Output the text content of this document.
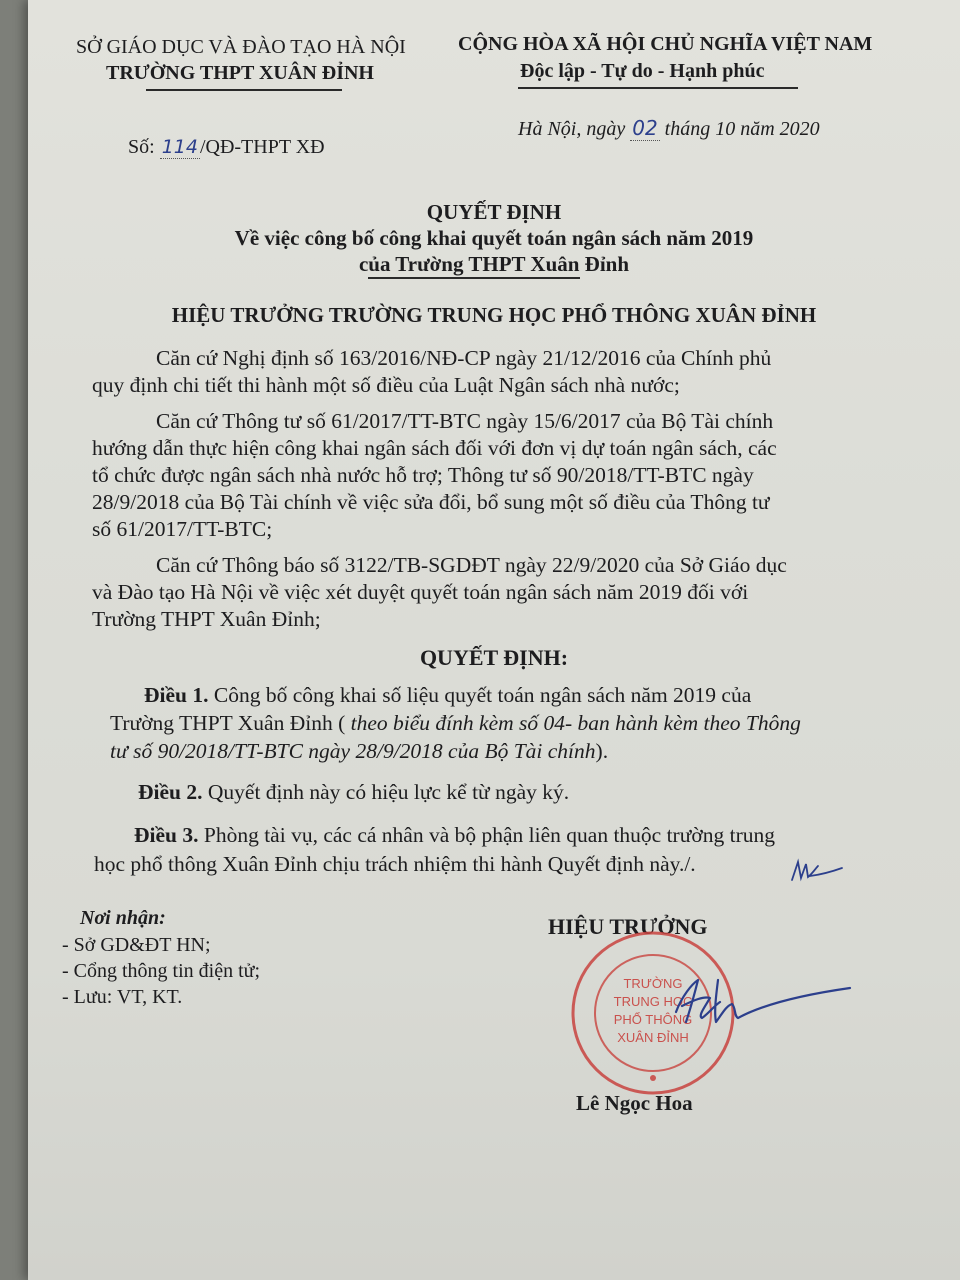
SỞ GIÁO DỤC VÀ ĐÀO TẠO HÀ NỘI
TRƯỜNG THPT XUÂN ĐỈNH
Số: 114 /QĐ-THPT XĐ
CỘNG HÒA XÃ HỘI CHỦ NGHĨA VIỆT NAM
Độc lập - Tự do - Hạnh phúc
Hà Nội, ngày 02 tháng 10 năm 2020
QUYẾT ĐỊNH
Về việc công bố công khai quyết toán ngân sách năm 2019
của Trường THPT Xuân Đỉnh
HIỆU TRƯỞNG TRƯỜNG TRUNG HỌC PHỔ THÔNG XUÂN ĐỈNH
Căn cứ Nghị định số 163/2016/NĐ-CP ngày 21/12/2016 của Chính phủ
quy định chi tiết thi hành một số điều của Luật Ngân sách nhà nước;
Căn cứ Thông tư số 61/2017/TT-BTC ngày 15/6/2017 của Bộ Tài chính
hướng dẫn thực hiện công khai ngân sách đối với đơn vị dự toán ngân sách, các
tổ chức được ngân sách nhà nước hỗ trợ; Thông tư số 90/2018/TT-BTC ngày
28/9/2018 của Bộ Tài chính về việc sửa đổi, bổ sung một số điều của Thông tư
số 61/2017/TT-BTC;
Căn cứ Thông báo số 3122/TB-SGDĐT ngày 22/9/2020 của Sở Giáo dục
và Đào tạo Hà Nội về việc xét duyệt quyết toán ngân sách năm 2019 đối với
Trường THPT Xuân Đỉnh;
QUYẾT ĐỊNH:
Điều 1. Công bố công khai số liệu quyết toán ngân sách năm 2019 của
Trường THPT Xuân Đỉnh ( theo biểu đính kèm số 04- ban hành kèm theo Thông
tư số 90/2018/TT-BTC ngày 28/9/2018 của Bộ Tài chính).
Điều 2. Quyết định này có hiệu lực kể từ ngày ký.
Điều 3. Phòng tài vụ, các cá nhân và bộ phận liên quan thuộc trường trung
học phổ thông Xuân Đỉnh chịu trách nhiệm thi hành Quyết định này./.
Nơi nhận:
- Sở GD&ĐT HN;
- Cổng thông tin điện tử;
- Lưu: VT, KT.
HIỆU TRƯỞNG
TRƯỜNG
TRUNG HỌC
PHỔ THÔNG
XUÂN ĐỈNH
Lê Ngọc Hoa
